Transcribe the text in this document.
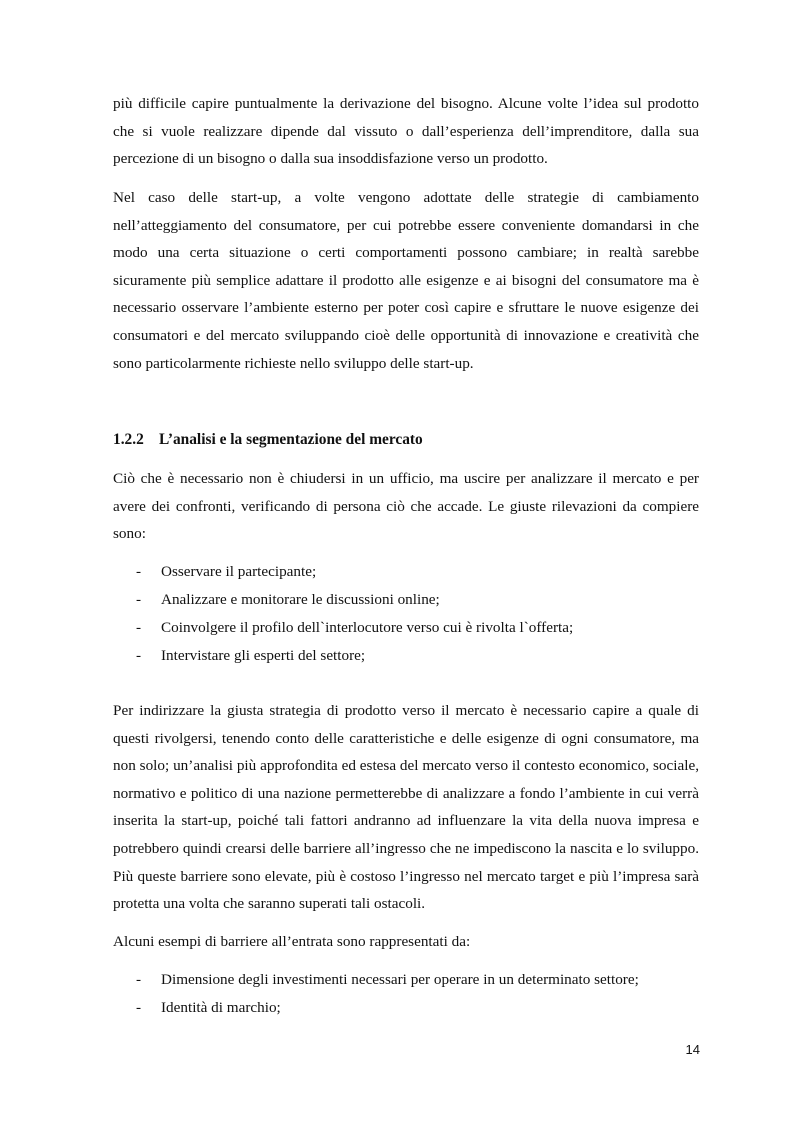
più difficile capire puntualmente la derivazione del bisogno. Alcune volte l’idea sul prodotto che si vuole realizzare dipende dal vissuto o dall’esperienza dell’imprenditore, dalla sua percezione di un bisogno o dalla sua insoddisfazione verso un prodotto.

Nel caso delle start-up, a volte vengono adottate delle strategie di cambiamento nell’atteggiamento del consumatore, per cui potrebbe essere conveniente domandarsi in che modo una certa situazione o certi comportamenti possono cambiare; in realtà sarebbe sicuramente più semplice adattare il prodotto alle esigenze e ai bisogni del consumatore ma è necessario osservare l’ambiente esterno per poter così capire e sfruttare le nuove esigenze dei consumatori e del mercato sviluppando cioè delle opportunità di innovazione e creatività che sono particolarmente richieste nello sviluppo delle start-up.

1.2.2 L’analisi e la segmentazione del mercato

Ciò che è necessario non è chiudersi in un ufficio, ma uscire per analizzare il mercato e per avere dei confronti, verificando di persona ciò che accade. Le giuste rilevazioni da compiere sono:

- Osservare il partecipante;
- Analizzare e monitorare le discussioni online;
- Coinvolgere il profilo dell`interlocutore verso cui è rivolta l`offerta;
- Intervistare gli esperti del settore;

Per indirizzare la giusta strategia di prodotto verso il mercato è necessario capire a quale di questi rivolgersi, tenendo conto delle caratteristiche e delle esigenze di ogni consumatore, ma non solo; un’analisi più approfondita ed estesa del mercato verso il contesto economico, sociale, normativo e politico di una nazione permetterebbe di analizzare a fondo l’ambiente in cui verrà inserita la start-up, poiché tali fattori andranno ad influenzare la vita della nuova impresa e potrebbero quindi crearsi delle barriere all’ingresso che ne impediscono la nascita e lo sviluppo. Più queste barriere sono elevate, più è costoso l’ingresso nel mercato target e più l’impresa sarà protetta una volta che saranno superati tali ostacoli.

Alcuni esempi di barriere all’entrata sono rappresentati da:

- Dimensione degli investimenti necessari per operare in un determinato settore;
- Identità di marchio;
14
